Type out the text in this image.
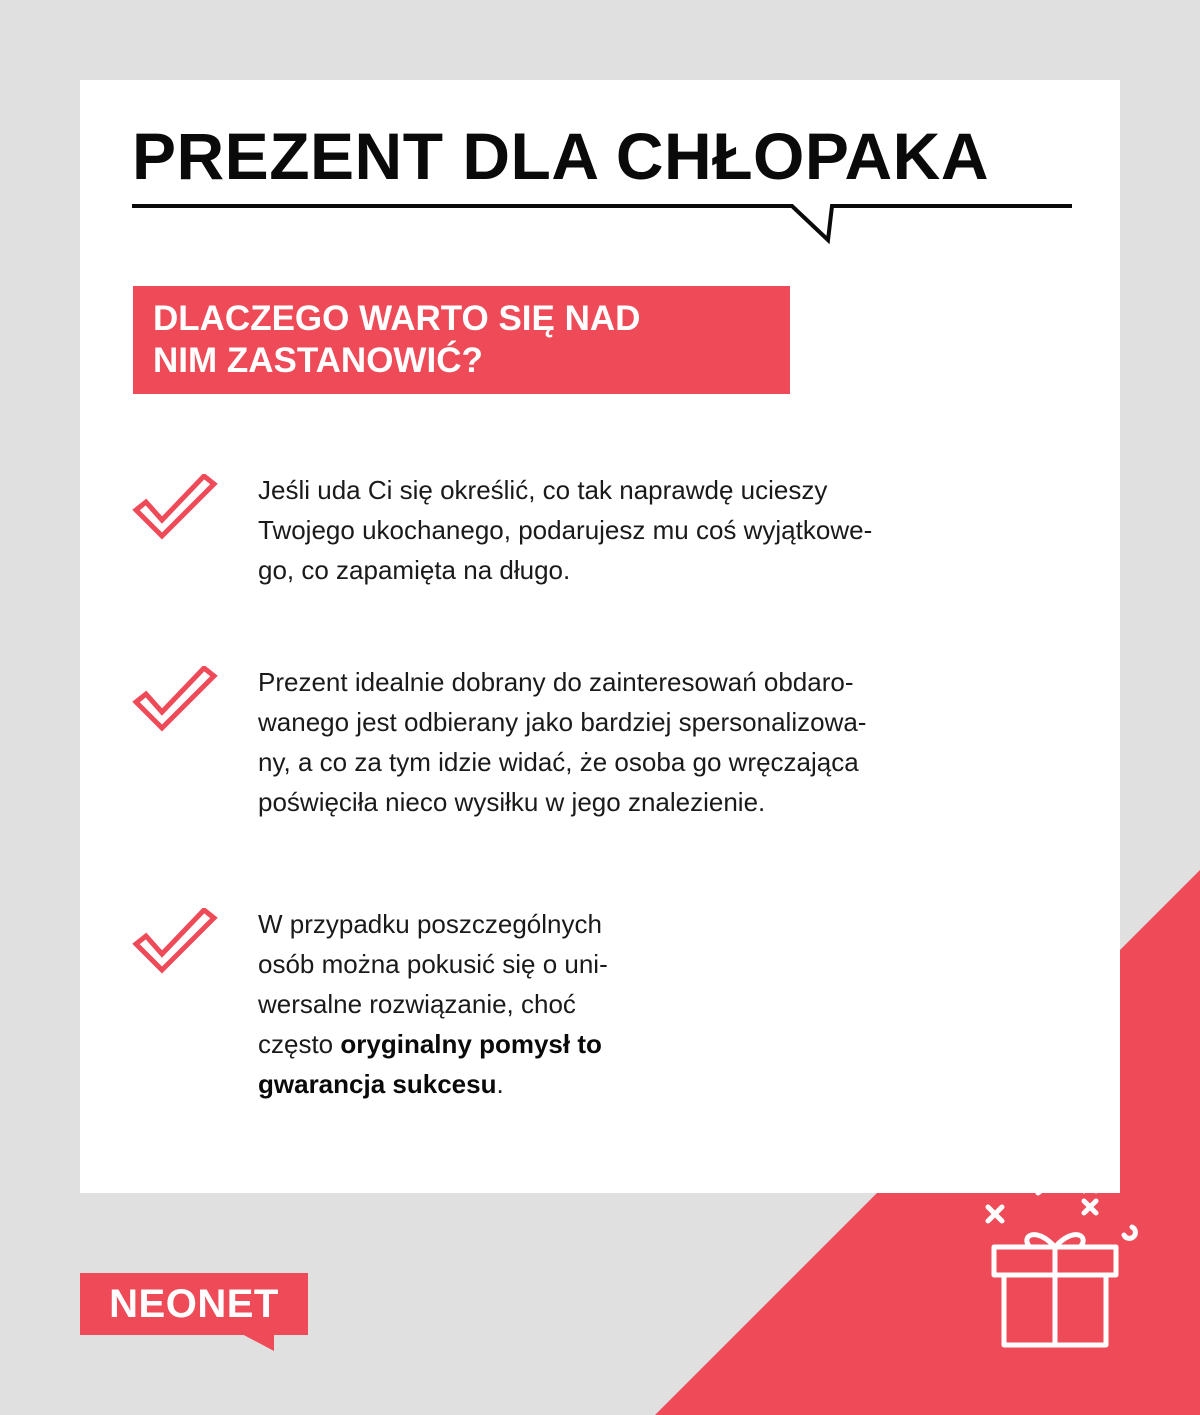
PREZENT DLA CHŁOPAKA
DLACZEGO WARTO SIĘ NAD
NIM ZASTANOWIĆ?
Jeśli uda Ci się określić, co tak naprawdę ucieszy
Twojego ukochanego, podarujesz mu coś wyjątkowe-
go, co zapamięta na długo.
Prezent idealnie dobrany do zainteresowań obdaro-
wanego jest odbierany jako bardziej spersonalizowa-
ny, a co za tym idzie widać, że osoba go wręczająca
poświęciła nieco wysiłku w jego znalezienie.
W przypadku poszczególnych
osób można pokusić się o uni-
wersalne rozwiązanie, choć
często oryginalny pomysł to
gwarancja sukcesu.
NEONET
